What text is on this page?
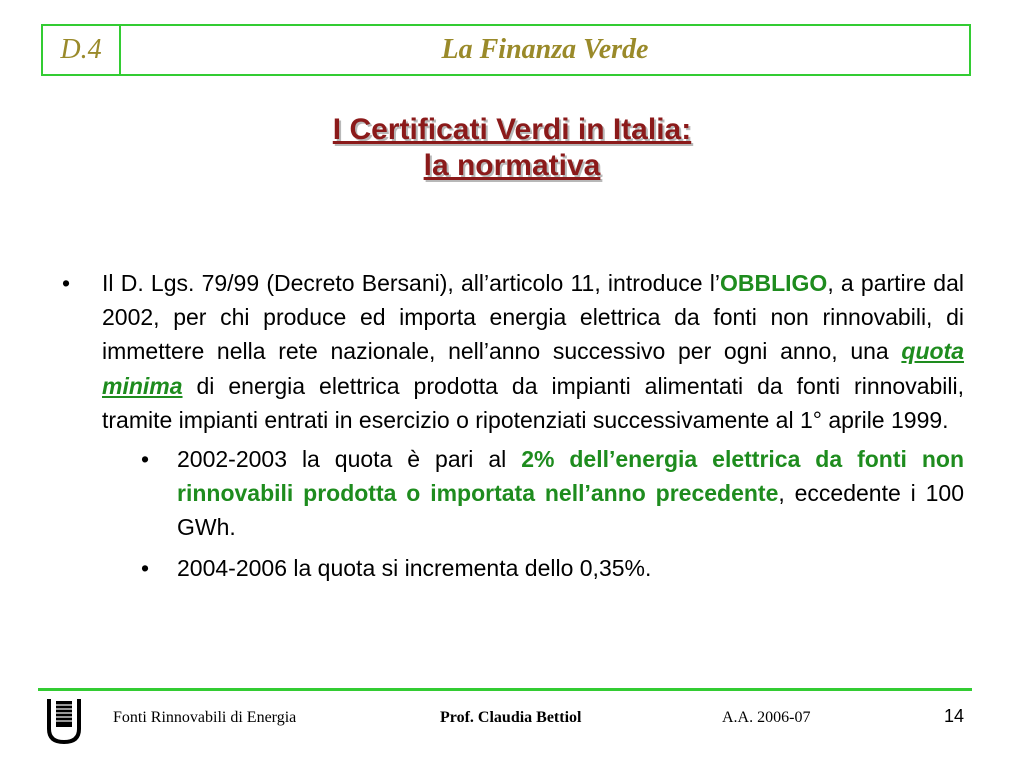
D.4	La Finanza Verde
I Certificati Verdi in Italia:
la normativa
• Il D. Lgs. 79/99 (Decreto Bersani), all’articolo 11, introduce l’OBBLIGO, a partire dal 2002, per chi produce ed importa energia elettrica da fonti non rinnovabili, di immettere nella rete nazionale, nell’anno successivo per ogni anno, una quota minima di energia elettrica prodotta da impianti alimentati da fonti rinnovabili, tramite impianti entrati in esercizio o ripotenziati successivamente al 1° aprile 1999.
• 2002-2003 la quota è pari al 2% dell’energia elettrica da fonti non rinnovabili prodotta o importata nell’anno precedente, eccedente i 100 GWh.
• 2004-2006 la quota si incrementa dello 0,35%.
Fonti Rinnovabili di Energia	Prof. Claudia Bettiol	A.A. 2006-07	14
